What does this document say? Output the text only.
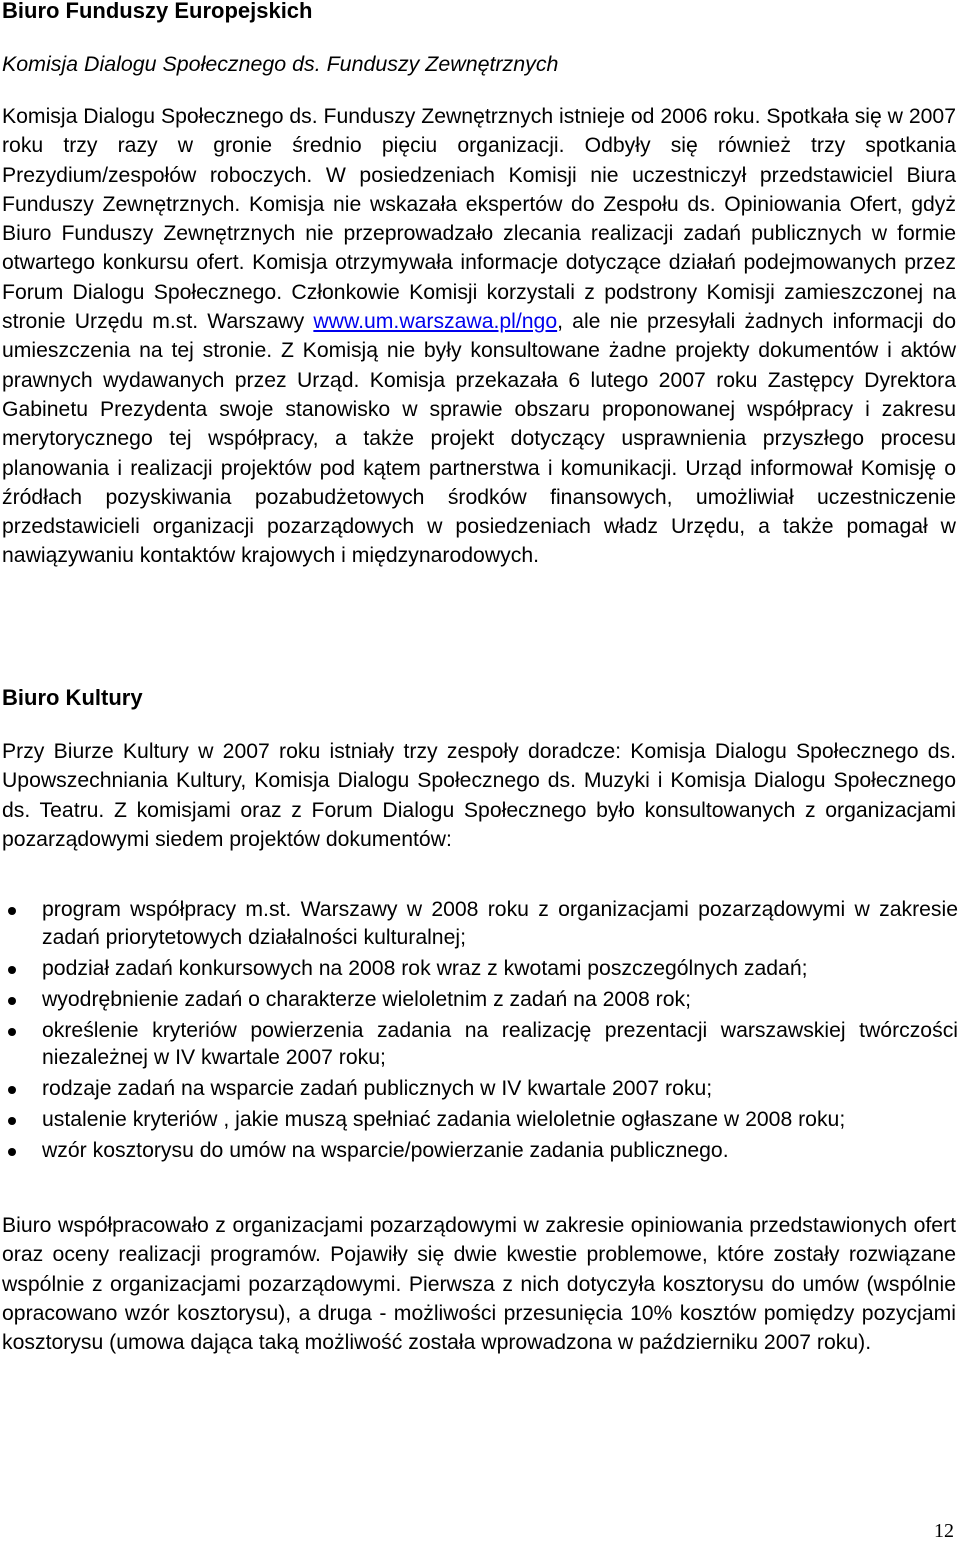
Biuro Funduszy Europejskich
Komisja Dialogu Społecznego ds. Funduszy Zewnętrznych
Komisja Dialogu Społecznego ds. Funduszy Zewnętrznych istnieje od 2006 roku. Spotkała się w 2007 roku trzy razy w gronie średnio pięciu organizacji. Odbyły się również trzy spotkania Prezydium/zespołów roboczych. W posiedzeniach Komisji nie uczestniczył przedstawiciel Biura Funduszy Zewnętrznych. Komisja nie wskazała ekspertów do Zespołu ds. Opiniowania Ofert, gdyż Biuro Funduszy Zewnętrznych nie przeprowadzało zlecania realizacji zadań publicznych w formie otwartego konkursu ofert. Komisja otrzymywała informacje dotyczące działań podejmowanych przez Forum Dialogu Społecznego. Członkowie Komisji korzystali z podstrony Komisji zamieszczonej na stronie Urzędu m.st. Warszawy www.um.warszawa.pl/ngo, ale nie przesyłali żadnych informacji do umieszczenia na tej stronie. Z Komisją nie były konsultowane żadne projekty dokumentów i aktów prawnych wydawanych przez Urząd. Komisja przekazała 6 lutego 2007 roku Zastępcy Dyrektora Gabinetu Prezydenta swoje stanowisko w sprawie obszaru proponowanej współpracy i zakresu merytorycznego tej współpracy, a także projekt dotyczący usprawnienia przyszłego procesu planowania i realizacji projektów pod kątem partnerstwa i komunikacji. Urząd informował Komisję o źródłach pozyskiwania pozabudżetowych środków finansowych, umożliwiał uczestniczenie przedstawicieli organizacji pozarządowych w posiedzeniach władz Urzędu, a także pomagał w nawiązywaniu kontaktów krajowych i międzynarodowych.
Biuro Kultury
Przy Biurze Kultury w 2007 roku istniały trzy zespoły doradcze: Komisja Dialogu Społecznego ds. Upowszechniania Kultury, Komisja Dialogu Społecznego ds. Muzyki i Komisja Dialogu Społecznego ds. Teatru. Z komisjami oraz z Forum Dialogu Społecznego było konsultowanych z organizacjami pozarządowymi siedem projektów dokumentów:
program współpracy m.st. Warszawy w 2008 roku z organizacjami pozarządowymi w zakresie zadań priorytetowych działalności kulturalnej;
podział zadań konkursowych na 2008 rok wraz z kwotami poszczególnych zadań;
wyodrębnienie zadań o charakterze wieloletnim z zadań na 2008 rok;
określenie kryteriów powierzenia zadania na realizację prezentacji warszawskiej twórczości niezależnej w IV kwartale 2007 roku;
rodzaje zadań na wsparcie zadań publicznych w IV kwartale 2007 roku;
ustalenie kryteriów , jakie muszą spełniać zadania wieloletnie ogłaszane w 2008 roku;
wzór kosztorysu do umów na wsparcie/powierzanie zadania publicznego.
Biuro współpracowało z organizacjami pozarządowymi w zakresie opiniowania przedstawionych ofert oraz oceny realizacji programów. Pojawiły się dwie kwestie problemowe, które zostały rozwiązane wspólnie z organizacjami pozarządowymi. Pierwsza z nich dotyczyła kosztorysu do umów (wspólnie opracowano wzór kosztorysu), a druga - możliwości przesunięcia 10% kosztów pomiędzy pozycjami kosztorysu (umowa dająca taką możliwość została wprowadzona w październiku 2007 roku).
12
